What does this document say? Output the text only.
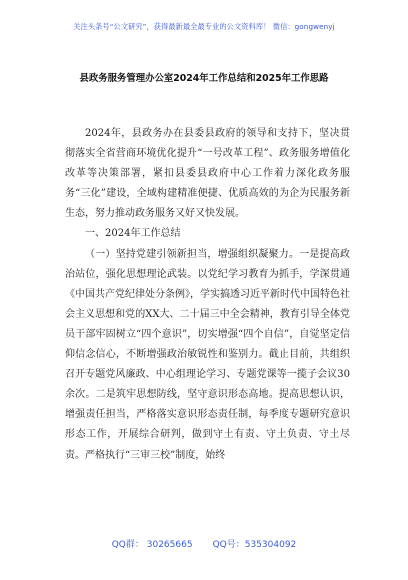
关注头条号“公文研究”，获得最新最全最专业的公文资料库！ 微信：gongwenyj
县政务服务管理办公室2024年工作总结和2025年工作思路

2024年，县政务办在县委县政府的领导和支持下，坚决贯彻落实全省营商环境优化提升“一号改革工程”、政务服务增值化改革等决策部署，紧扣县委县政府中心工作着力深化政务服务“三化”建设，全域构建精准便捷、优质高效的为企为民服务新生态，努力推动政务服务又好又快发展。

一、2024年工作总结

（一）坚持党建引领新担当，增强组织凝聚力。一是提高政治站位，强化思想理论武装。以党纪学习教育为抓手，学深贯通《中国共产党纪律处分条例》，学实搞透习近平新时代中国特色社会主义思想和党的XX大、二十届三中全会精神，教育引导全体党员干部牢固树立“四个意识”，切实增强“四个自信”，自觉坚定信仰信念信心，不断增强政治敏锐性和鉴别力。截止目前，共组织召开专题党风廉政、中心组理论学习、专题党课等一揽子会议30余次。二是筑牢思想防线，坚守意识形态高地。提高思想认识，增强责任担当，严格落实意识形态责任制，每季度专题研究意识形态工作，开展综合研判，做到守土有责、守土负责、守土尽责。严格执行“三审三校”制度，始终

QQ群： 30265665 QQ号：535304092
